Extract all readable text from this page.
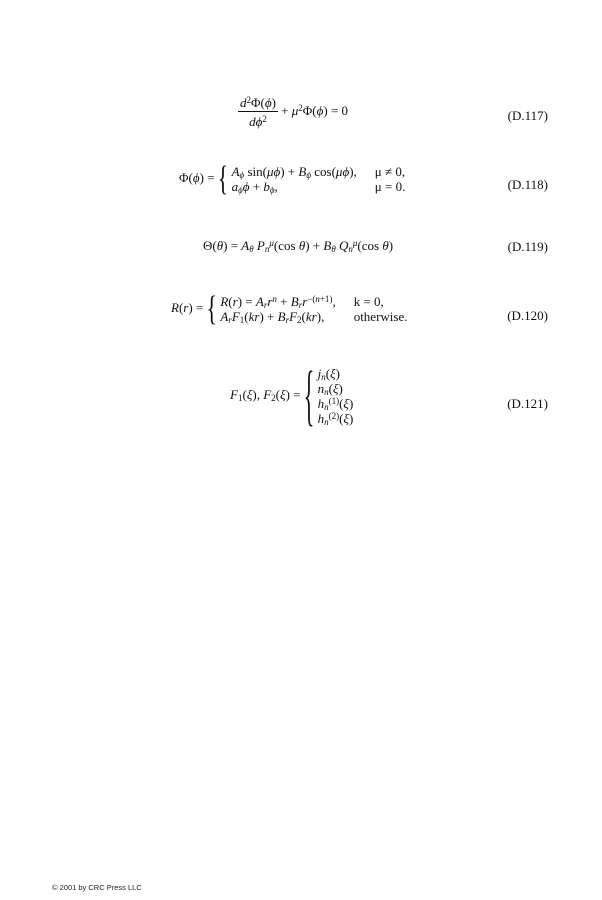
$\frac{d^2\Phi(\phi)}{d\phi^2} + \mu^2\Phi(\phi) = 0$	(D.117)
Φ(ϕ) = { $A_\phi$ $\sin(\mu\phi) + B_\phi$ cos(μϕ),	μ ≠ 0,
$a_\phi\phi + b_\phi$,	μ = 0.	(D.118)
$\Theta(\theta) = A_\theta$ $P_n^\mu(\cos$ $\theta) + B_\theta$ $Q_n^\mu(\cos$ θ)	(D.119)
R(r) = { $R(r) = A_rr^n + B_rr^{-(n+1)}$,	k = 0,
$A_rF_1(kr) + B_rF_2(kr)$,	otherwise.	(D.120)
$F_1(\xi)$, $F_2(\xi)$ = { $j_n(\xi)$
$n_n(\xi)$
$h_n^{(1)}(\xi)$
$h_n^{(2)}(\xi)$
(D.121)
© 2001 by CRC Press LLC
